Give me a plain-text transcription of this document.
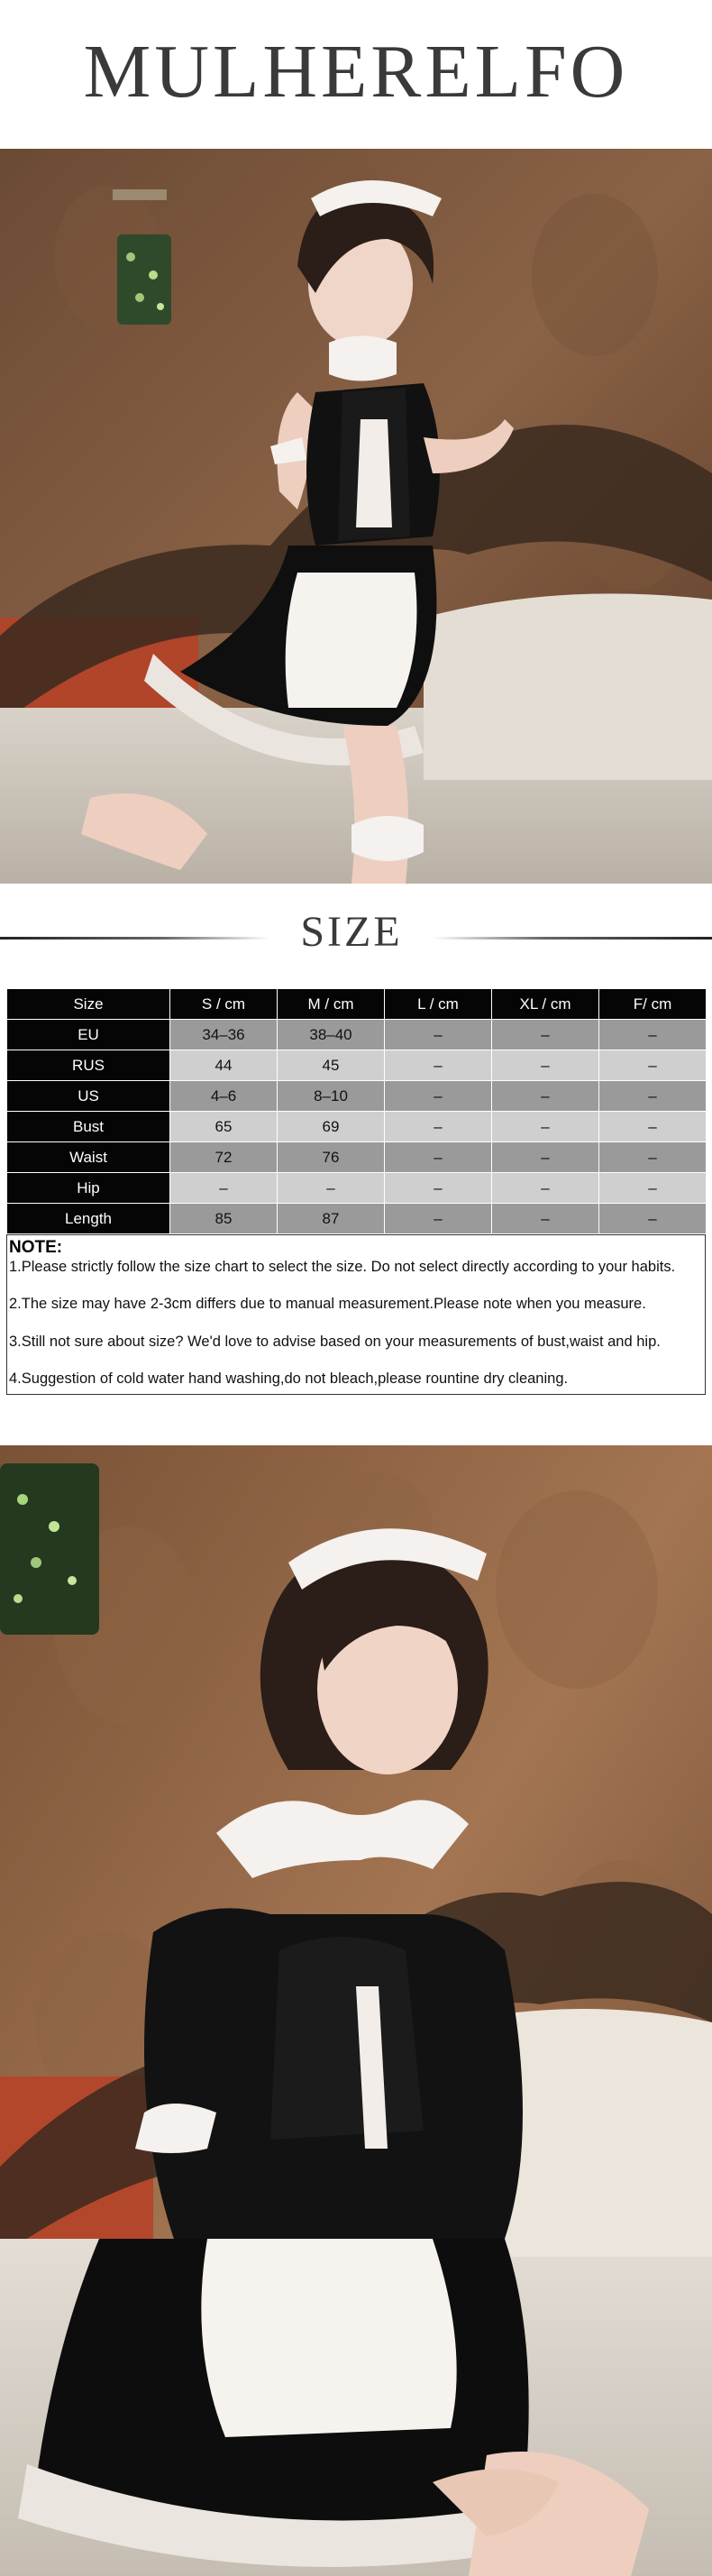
MULHERELFO
SIZE
Size	S / cm	M / cm	L / cm	XL / cm	F/ cm
EU	34–36	38–40	–	–	–
RUS	44	45	–	–	–
US	4–6	8–10	–	–	–
Bust	65	69	–	–	–
Waist	72	76	–	–	–
Hip	–	–	–	–	–
Length	85	87	–	–	–
NOTE:
1.Please strictly follow the size chart to select the size. Do not select directly according to your habits.
2.The size may have 2-3cm differs due to manual measurement.Please note when you measure.
3.Still not sure about size? We'd love to advise based on your measurements of bust,waist and hip.
4.Suggestion of cold water hand washing,do not bleach,please rountine dry cleaning.
